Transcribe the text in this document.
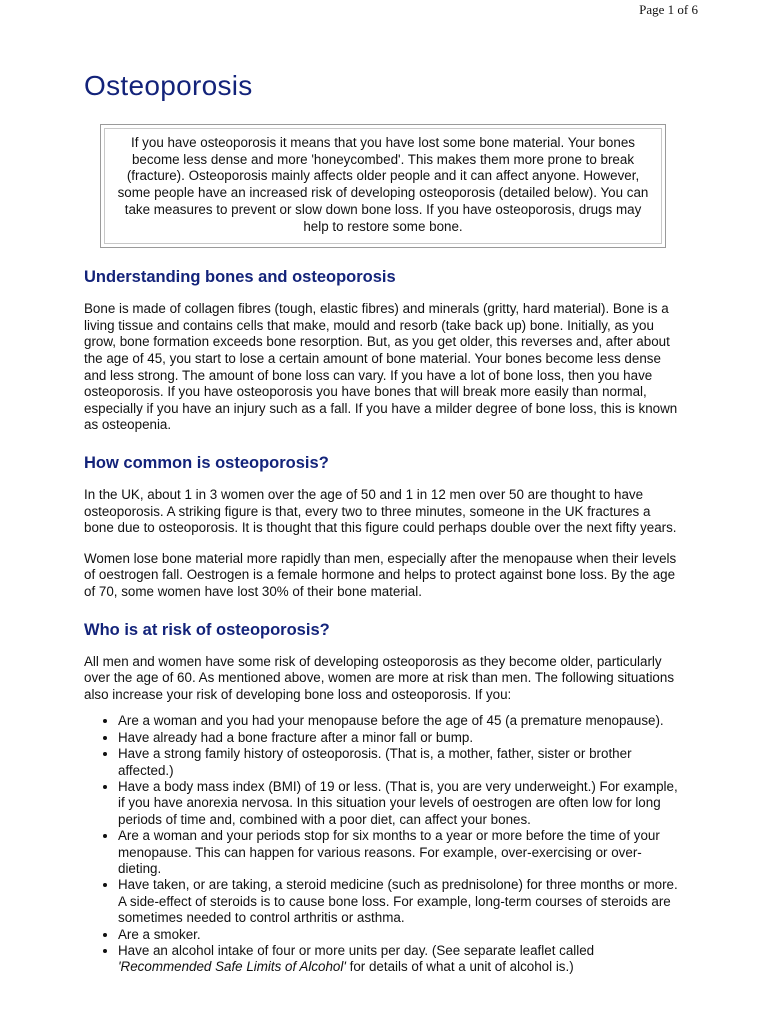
Page 1 of 6
Osteoporosis
If you have osteoporosis it means that you have lost some bone material. Your bones become less dense and more 'honeycombed'. This makes them more prone to break (fracture). Osteoporosis mainly affects older people and it can affect anyone. However, some people have an increased risk of developing osteoporosis (detailed below). You can take measures to prevent or slow down bone loss. If you have osteoporosis, drugs may help to restore some bone.
Understanding bones and osteoporosis

Bone is made of collagen fibres (tough, elastic fibres) and minerals (gritty, hard material). Bone is a living tissue and contains cells that make, mould and resorb (take back up) bone. Initially, as you grow, bone formation exceeds bone resorption. But, as you get older, this reverses and, after about the age of 45, you start to lose a certain amount of bone material. Your bones become less dense and less strong. The amount of bone loss can vary. If you have a lot of bone loss, then you have osteoporosis. If you have osteoporosis you have bones that will break more easily than normal, especially if you have an injury such as a fall. If you have a milder degree of bone loss, this is known as osteopenia.

How common is osteoporosis?

In the UK, about 1 in 3 women over the age of 50 and 1 in 12 men over 50 are thought to have osteoporosis. A striking figure is that, every two to three minutes, someone in the UK fractures a bone due to osteoporosis. It is thought that this figure could perhaps double over the next fifty years.

Women lose bone material more rapidly than men, especially after the menopause when their levels of oestrogen fall. Oestrogen is a female hormone and helps to protect against bone loss. By the age of 70, some women have lost 30% of their bone material.

Who is at risk of osteoporosis?

All men and women have some risk of developing osteoporosis as they become older, particularly over the age of 60. As mentioned above, women are more at risk than men. The following situations also increase your risk of developing bone loss and osteoporosis. If you:

• Are a woman and you had your menopause before the age of 45 (a premature menopause).
• Have already had a bone fracture after a minor fall or bump.
• Have a strong family history of osteoporosis. (That is, a mother, father, sister or brother affected.)
• Have a body mass index (BMI) of 19 or less. (That is, you are very underweight.) For example, if you have anorexia nervosa. In this situation your levels of oestrogen are often low for long periods of time and, combined with a poor diet, can affect your bones.
• Are a woman and your periods stop for six months to a year or more before the time of your menopause. This can happen for various reasons. For example, over-exercising or over-dieting.
• Have taken, or are taking, a steroid medicine (such as prednisolone) for three months or more. A side-effect of steroids is to cause bone loss. For example, long-term courses of steroids are sometimes needed to control arthritis or asthma.
• Are a smoker.
• Have an alcohol intake of four or more units per day. (See separate leaflet called 'Recommended Safe Limits of Alcohol' for details of what a unit of alcohol is.)
